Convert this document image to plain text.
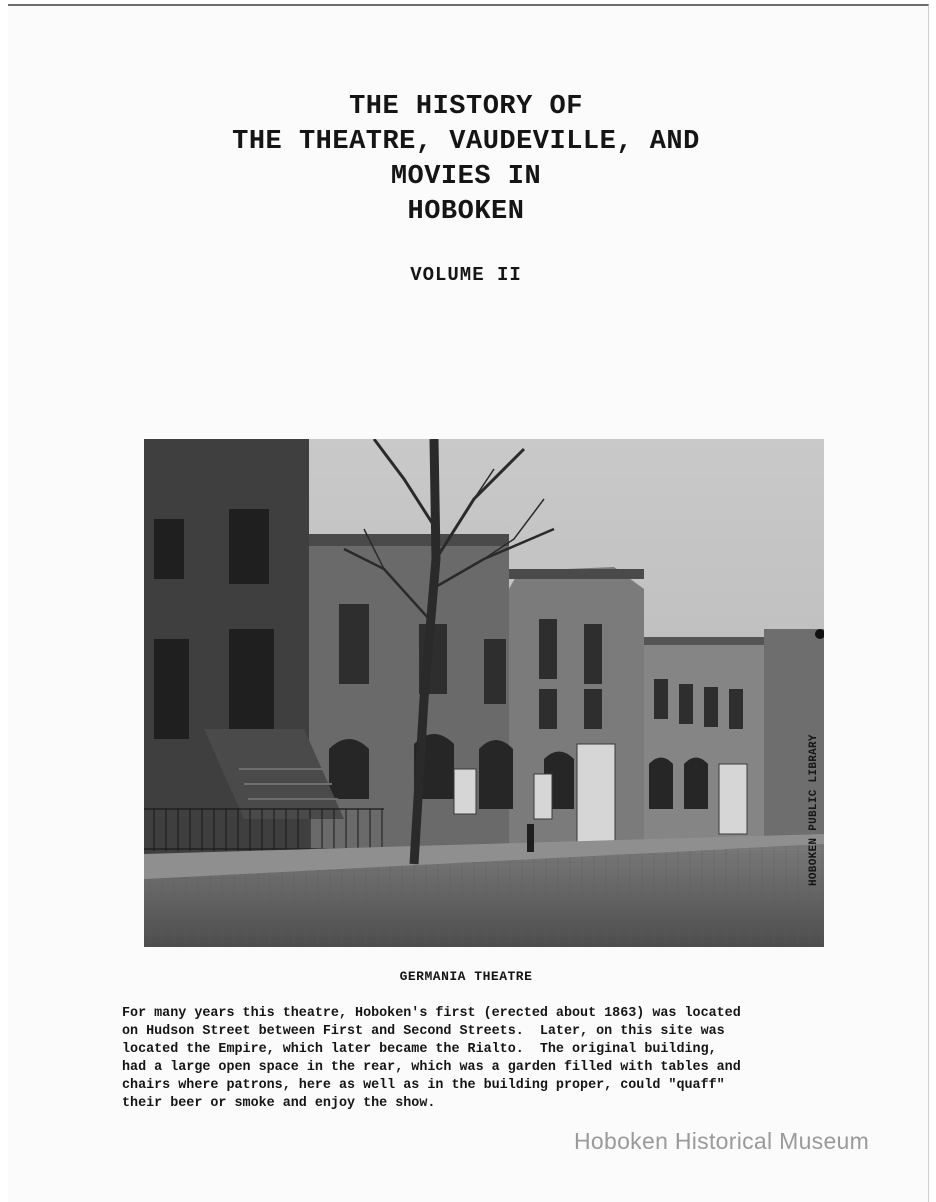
THE HISTORY OF
THE THEATRE, VAUDEVILLE, AND
MOVIES IN
HOBOKEN
VOLUME II
HOBOKEN PUBLIC LIBRARY
GERMANIA THEATRE
For many years this theatre, Hoboken's first (erected about 1863) was located
on Hudson Street between First and Second Streets.  Later, on this site was
located the Empire, which later became the Rialto.  The original building,
had a large open space in the rear, which was a garden filled with tables and
chairs where patrons, here as well as in the building proper, could "quaff"
their beer or smoke and enjoy the show.
Hoboken Historical Museum
